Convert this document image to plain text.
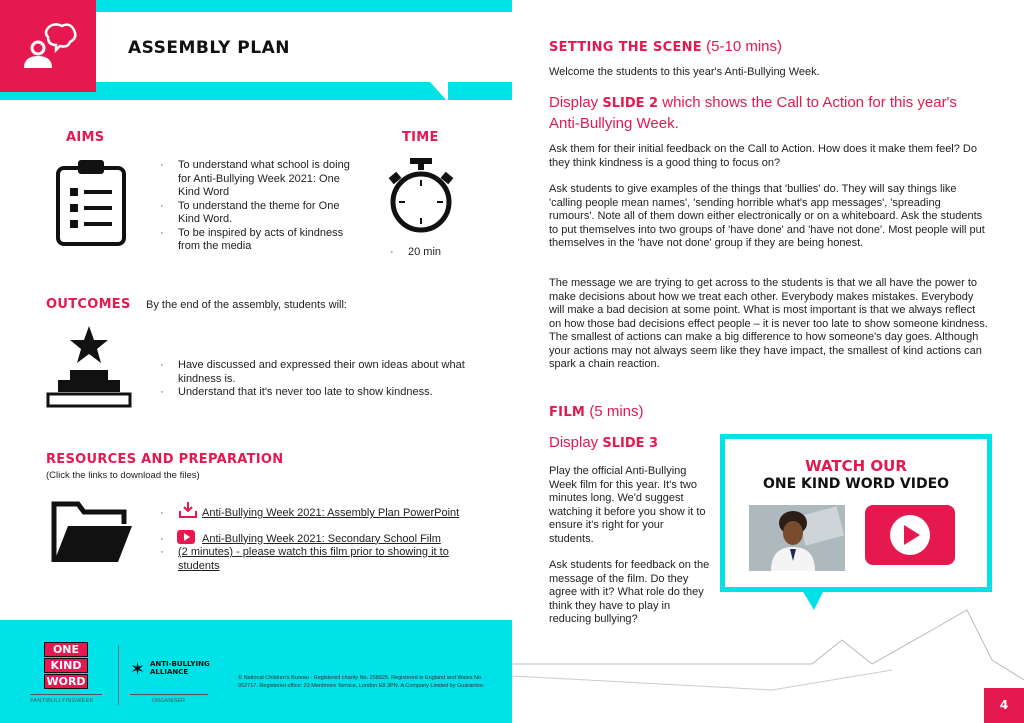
ASSEMBLY PLAN
AIMS
· To understand what school is doing for Anti-Bullying Week 2021: One Kind Word
· To understand the theme for One Kind Word.
· To be inspired by acts of kindness from the media
TIME
· 20 min
OUTCOMES By the end of the assembly, students will:
· Have discussed and expressed their own ideas about what kindness is.
· Understand that it's never too late to show kindness.
RESOURCES AND PREPARATION
(Click the links to download the files)
· Anti-Bullying Week 2021: Assembly Plan PowerPoint
· Anti-Bullying Week 2021: Secondary School Film
· (2 minutes) - please watch this film prior to showing it to students
ONE
KIND
WORD
#ANTIBULLYINGWEEK
✶ ANTI-BULLYING
ALLIANCE
ORGANISER
© National Children's Bureau · Registered charity No. 258825. Registered in England and Wales No. 952717. Registered office: 23 Mentmore Terrace, London E8 3PN. A Company Limited by Guarantee.
SETTING THE SCENE (5-10 mins)
Welcome the students to this year's Anti-Bullying Week.
Display SLIDE 2 which shows the Call to Action for this year's Anti-Bullying Week.
Ask them for their initial feedback on the Call to Action. How does it make them feel? Do they think kindness is a good thing to focus on?
Ask students to give examples of the things that 'bullies' do. They will say things like 'calling people mean names', 'sending horrible what's app messages', 'spreading rumours'. Note all of them down either electronically or on a whiteboard. Ask the students to put themselves into two groups of 'have done' and 'have not done'. Most people will put themselves in the 'have not done' group if they are being honest.
The message we are trying to get across to the students is that we all have the power to make decisions about how we treat each other. Everybody makes mistakes. Everybody will make a bad decision at some point. What is most important is that we always reflect on how those bad decisions effect people – it is never too late to show someone kindness. The smallest of actions can make a big difference to how someone's day goes. Although your actions may not always seem like they have impact, the smallest of kind actions can spark a chain reaction.
FILM (5 mins)
Display SLIDE 3
Play the official Anti-Bullying Week film for this year. It's two minutes long. We'd suggest watching it before you show it to ensure it's right for your students.
Ask students for feedback on the message of the film. Do they agree with it? What role do they think they have to play in reducing bullying?
WATCH OUR
ONE KIND WORD VIDEO
4
